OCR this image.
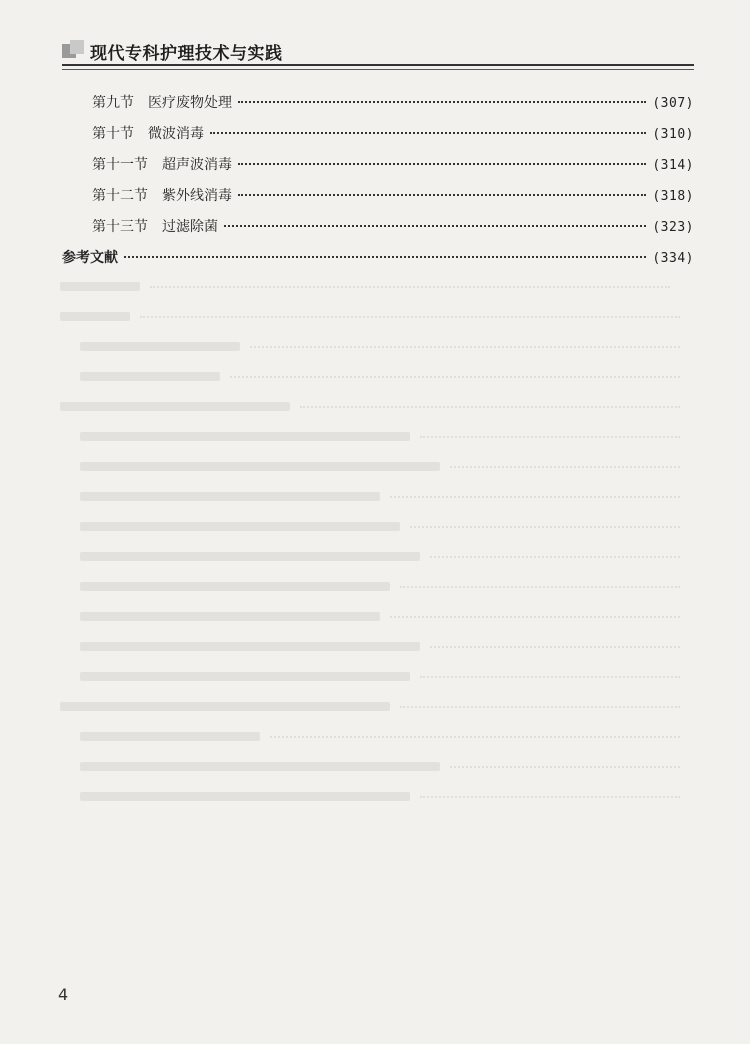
现代专科护理技术与实践
第九节 医疗废物处理	(307)
第十节 微波消毒	(310)
第十一节 超声波消毒	(314)
第十二节 紫外线消毒	(318)
第十三节 过滤除菌	(323)
参考文献	(334)
4
